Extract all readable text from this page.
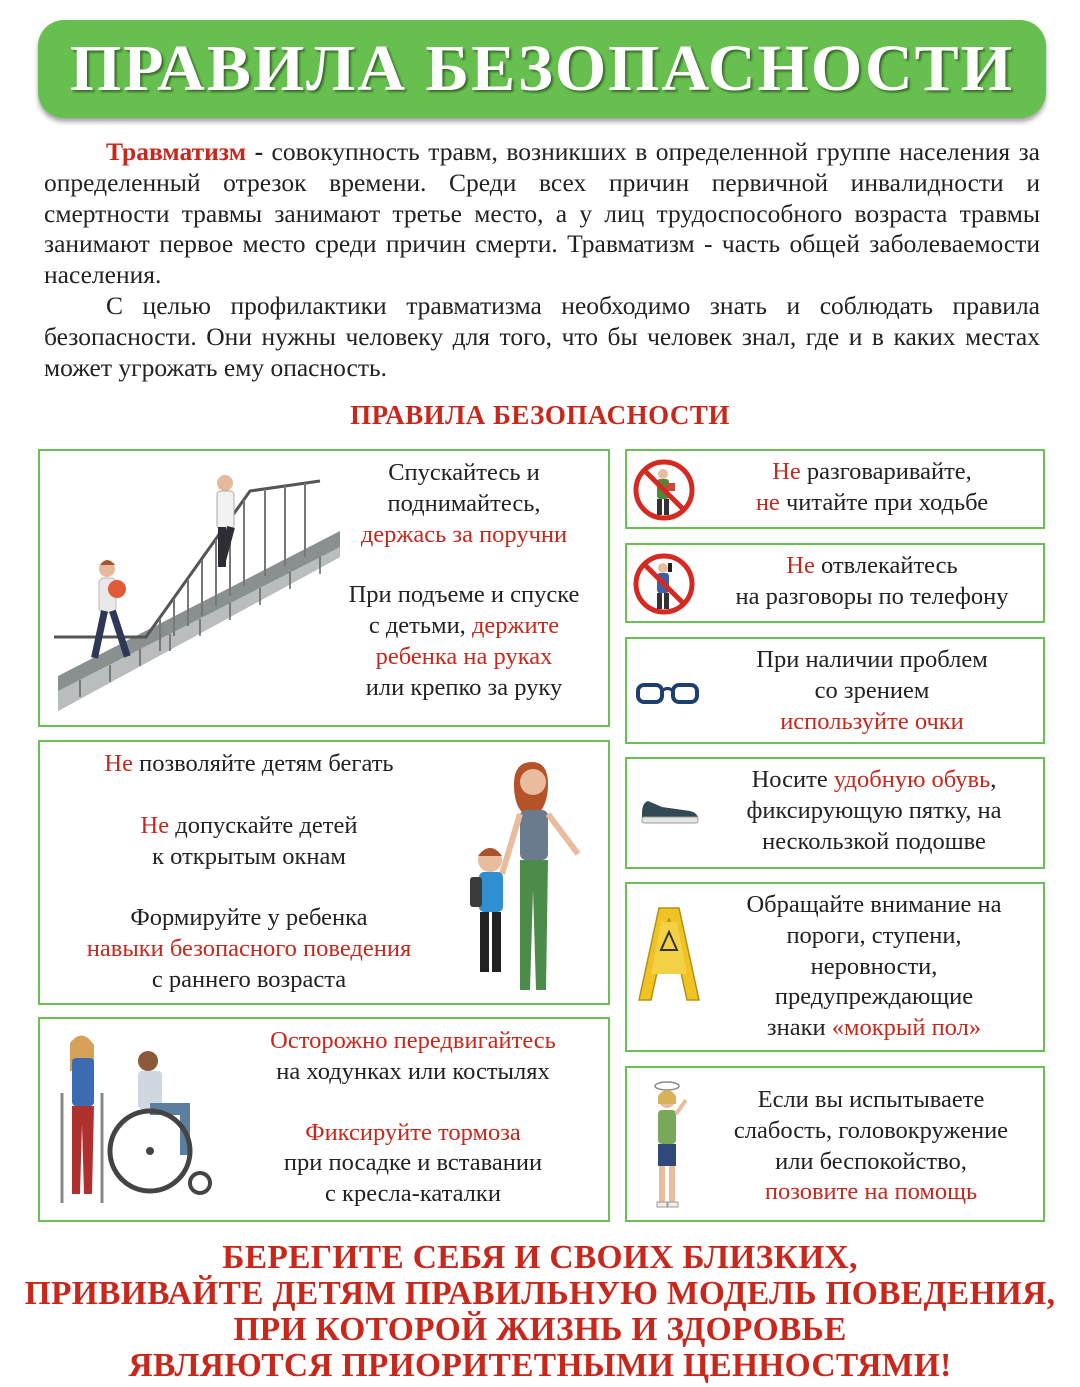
ПРАВИЛА БЕЗОПАСНОСТИ

Травматизм - совокупность травм, возникших в определенной группе населения за определенный отрезок времени. Среди всех причин первичной инвалидности и смертности травмы занимают третье место, а у лиц трудоспособного возраста травмы занимают первое место среди причин смерти. Травматизм - часть общей заболеваемости населения.

С целью профилактики травматизма необходимо знать и соблюдать правила безопасности. Они нужны человеку для того, что бы человек знал, где и в каких местах может угрожать ему опасность.

ПРАВИЛА БЕЗОПАСНОСТИ
Спускайтесь и
поднимайтесь,
держась за поручни
При подъеме и спуске
с детьми, держите
ребенка на руках
или крепко за руку
Не позволяйте детям бегать
Не допускайте детей
к открытым окнам
Формируйте у ребенка
навыки безопасного поведения
с раннего возраста
Осторожно передвигайтесь
на ходунках или костылях
Фиксируйте тормоза
при посадке и вставании
с кресла-каталки
Не разговаривайте,
не читайте при ходьбе
Не отвлекайтесь
на разговоры по телефону
При наличии проблем
со зрением
используйте очки
Носите удобную обувь,
фиксирующую пятку, на
нескользкой подошве
Обращайте внимание на
пороги, ступени,
неровности,
предупреждающие
знаки «мокрый пол»
Если вы испытываете
слабость, головокружение
или беспокойство,
позовите на помощь
БЕРЕГИТЕ СЕБЯ И СВОИХ БЛИЗКИХ,
ПРИВИВАЙТЕ ДЕТЯМ ПРАВИЛЬНУЮ МОДЕЛЬ ПОВЕДЕНИЯ,
ПРИ КОТОРОЙ ЖИЗНЬ И ЗДОРОВЬЕ
ЯВЛЯЮТСЯ ПРИОРИТЕТНЫМИ ЦЕННОСТЯМИ!
